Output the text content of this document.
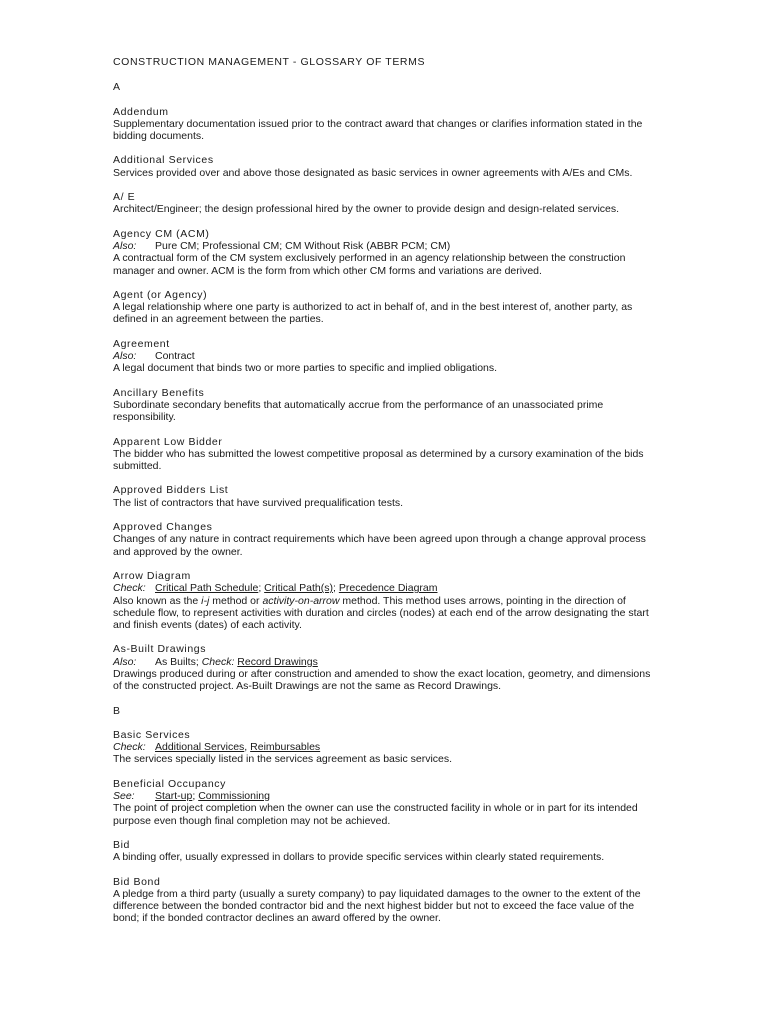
CONSTRUCTION MANAGEMENT - GLOSSARY OF TERMS
A
Addendum
Supplementary documentation issued prior to the contract award that changes or clarifies information stated in the bidding documents.
Additional Services
Services provided over and above those designated as basic services in owner agreements with A/Es and CMs.
A/ E
Architect/Engineer; the design professional hired by the owner to provide design and design-related services.
Agency CM (ACM)
Also: Pure CM; Professional CM; CM Without Risk (ABBR PCM; CM)
A contractual form of the CM system exclusively performed in an agency relationship between the construction manager and owner. ACM is the form from which other CM forms and variations are derived.
Agent (or Agency)
A legal relationship where one party is authorized to act in behalf of, and in the best interest of, another party, as defined in an agreement between the parties.
Agreement
Also: Contract
A legal document that binds two or more parties to specific and implied obligations.
Ancillary Benefits
Subordinate secondary benefits that automatically accrue from the performance of an unassociated prime responsibility.
Apparent Low Bidder
The bidder who has submitted the lowest competitive proposal as determined by a cursory examination of the bids submitted.
Approved Bidders List
The list of contractors that have survived prequalification tests.
Approved Changes
Changes of any nature in contract requirements which have been agreed upon through a change approval process and approved by the owner.
Arrow Diagram
Check: Critical Path Schedule; Critical Path(s); Precedence Diagram
Also known as the i-j method or activity-on-arrow method. This method uses arrows, pointing in the direction of schedule flow, to represent activities with duration and circles (nodes) at each end of the arrow designating the start and finish events (dates) of each activity.
As-Built Drawings
Also: As Builts; Check: Record Drawings
Drawings produced during or after construction and amended to show the exact location, geometry, and dimensions of the constructed project. As-Built Drawings are not the same as Record Drawings.
B
Basic Services
Check: Additional Services, Reimbursables
The services specially listed in the services agreement as basic services.
Beneficial Occupancy
See: Start-up; Commissioning
The point of project completion when the owner can use the constructed facility in whole or in part for its intended purpose even though final completion may not be achieved.
Bid
A binding offer, usually expressed in dollars to provide specific services within clearly stated requirements.
Bid Bond
A pledge from a third party (usually a surety company) to pay liquidated damages to the owner to the extent of the difference between the bonded contractor bid and the next highest bidder but not to exceed the face value of the bond; if the bonded contractor declines an award offered by the owner.
